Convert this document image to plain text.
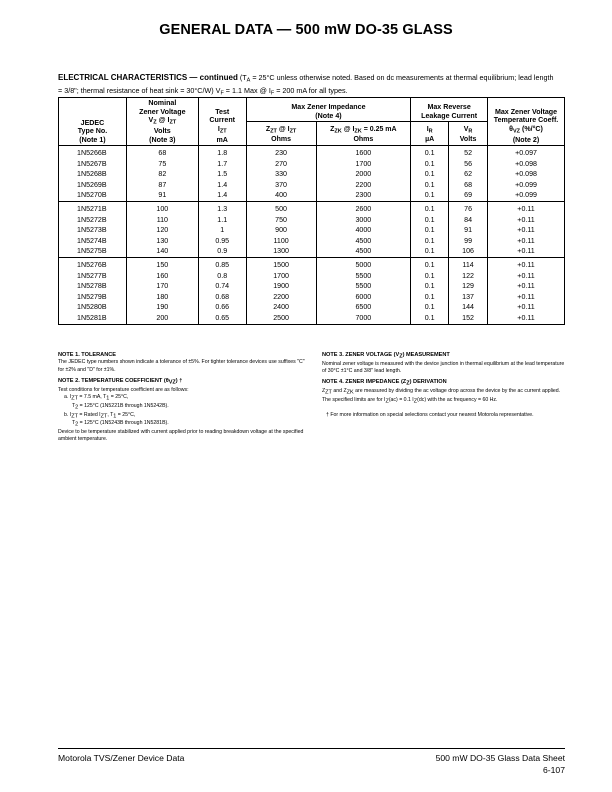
GENERAL DATA — 500 mW DO-35 GLASS
ELECTRICAL CHARACTERISTICS — continued ($T_A = 25^\circ C$ unless otherwise noted. Based on dc measurements at thermal equilibrium; lead length = 3/8"; thermal resistance of heat sink = 30°C/W) $V_F = 1.1$ Max @ $I_F = 200$ mA for all types.
JEDEC
Type No.
(Note 1)	Nominal
Zener Voltage
$V_Z$ @ $I_{ZT}$
Volts
(Note 3)	Test
Current
$I_{ZT}$
mA	Max Zener Impedance
(Note 4)		Max Reverse
Leakage Current		Max Zener Voltage
Temperature Coeff.
$\theta_{VZ}$ (%/°C)
(Note 2)
			$Z_{ZT}$ @ $I_{ZT}$
Ohms	$Z_{ZK}$ @ $I_{ZK} = 0.25$ mA
Ohms	$I_R$
µA	$V_R$
Volts	
1N5266B	68	1.8	230	1600	0.1	52	+0.097
1N5267B	75	1.7	270	1700	0.1	56	+0.098
1N5268B	82	1.5	330	2000	0.1	62	+0.098
1N5269B	87	1.4	370	2200	0.1	68	+0.099
1N5270B	91	1.4	400	2300	0.1	69	+0.099
1N5271B	100	1.3	500	2600	0.1	76	+0.11
1N5272B	110	1.1	750	3000	0.1	84	+0.11
1N5273B	120	1	900	4000	0.1	91	+0.11
1N5274B	130	0.95	1100	4500	0.1	99	+0.11
1N5275B	140	0.9	1300	4500	0.1	106	+0.11
1N5276B	150	0.85	1500	5000	0.1	114	+0.11
1N5277B	160	0.8	1700	5500	0.1	122	+0.11
1N5278B	170	0.74	1900	5500	0.1	129	+0.11
1N5279B	180	0.68	2200	6000	0.1	137	+0.11
1N5280B	190	0.66	2400	6500	0.1	144	+0.11
1N5281B	200	0.65	2500	7000	0.1	152	+0.11
NOTE 1. TOLERANCE
The JEDEC type numbers shown indicate a tolerance of ±5%. For tighter tolerance devices use suffixes "C" for ±2% and "D" for ±1%.
NOTE 2. TEMPERATURE COEFFICIENT (θVZ) †
Test conditions for temperature coefficient are as follows:
a. IZT = 7.5 mA, T1 = 25°C,
T2 = 125°C (1N5221B through 1N5242B).
b. IZT = Rated IZT, T1 = 25°C,
T2 = 125°C (1N5243B through 1N5281B).
Device to be temperature stabilized with current applied prior to reading breakdown voltage at the specified ambient temperature.
NOTE 3. ZENER VOLTAGE (VZ) MEASUREMENT
Nominal zener voltage is measured with the device junction in thermal equilibrium at the lead temperature of 30°C ±1°C and 3/8" lead length.
NOTE 4. ZENER IMPEDANCE (ZZ) DERIVATION
ZZT and ZZK are measured by dividing the ac voltage drop across the device by the ac current applied. The specified limits are for IZ(ac) = 0.1 IZ(dc) with the ac frequency = 60 Hz.
† For more information on special selections contact your nearest Motorola representative.
Motorola TVS/Zener Device Data	500 mW DO-35 Glass Data Sheet
6-107
